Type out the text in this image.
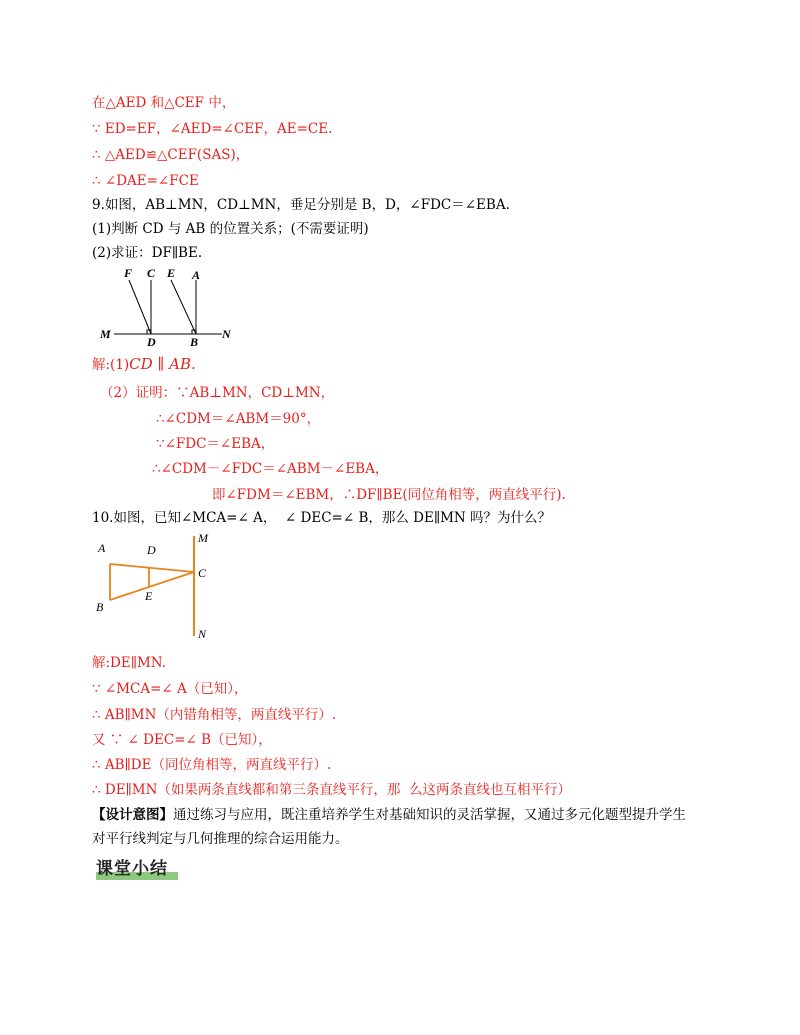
在△AED 和△CEF 中，
∵ ED=EF，∠AED=∠CEF，AE=CE.
∴ △AED≌△CEF(SAS)，
∴ ∠DAE=∠FCE
9.如图，AB⊥MN，CD⊥MN，垂足分别是 B，D，∠FDC＝∠EBA.
(1)判断 CD 与 AB 的位置关系；(不需要证明)
(2)求证：DF∥BE.
F C E A
M
D	B
N
解:(1)CD ∥ AB.
（2）证明：∵AB⊥MN，CD⊥MN，
∴∠CDM＝∠ABM＝90°，
∵∠FDC＝∠EBA，
∴∠CDM－∠FDC＝∠ABM－∠EBA，
即∠FDM＝∠EBM，∴DF∥BE(同位角相等，两直线平行).
10.如图，已知∠MCA=∠ A，  ∠ DEC=∠ B，那么 DE∥MN 吗？为什么？
A	D
M
C
E
B
N
解:DE∥MN.
∵ ∠MCA=∠ A（已知），
∴ AB∥MN（内错角相等，两直线平行）.
又 ∵ ∠ DEC=∠ B（已知），
∴ AB∥DE（同位角相等，两直线平行）.
∴ DE∥MN（如果两条直线都和第三条直线平行，那  么这两条直线也互相平行）
【设计意图】通过练习与应用，既注重培养学生对基础知识的灵活掌握，又通过多元化题型提升学生
对平行线判定与几何推理的综合运用能力。
课堂小结
